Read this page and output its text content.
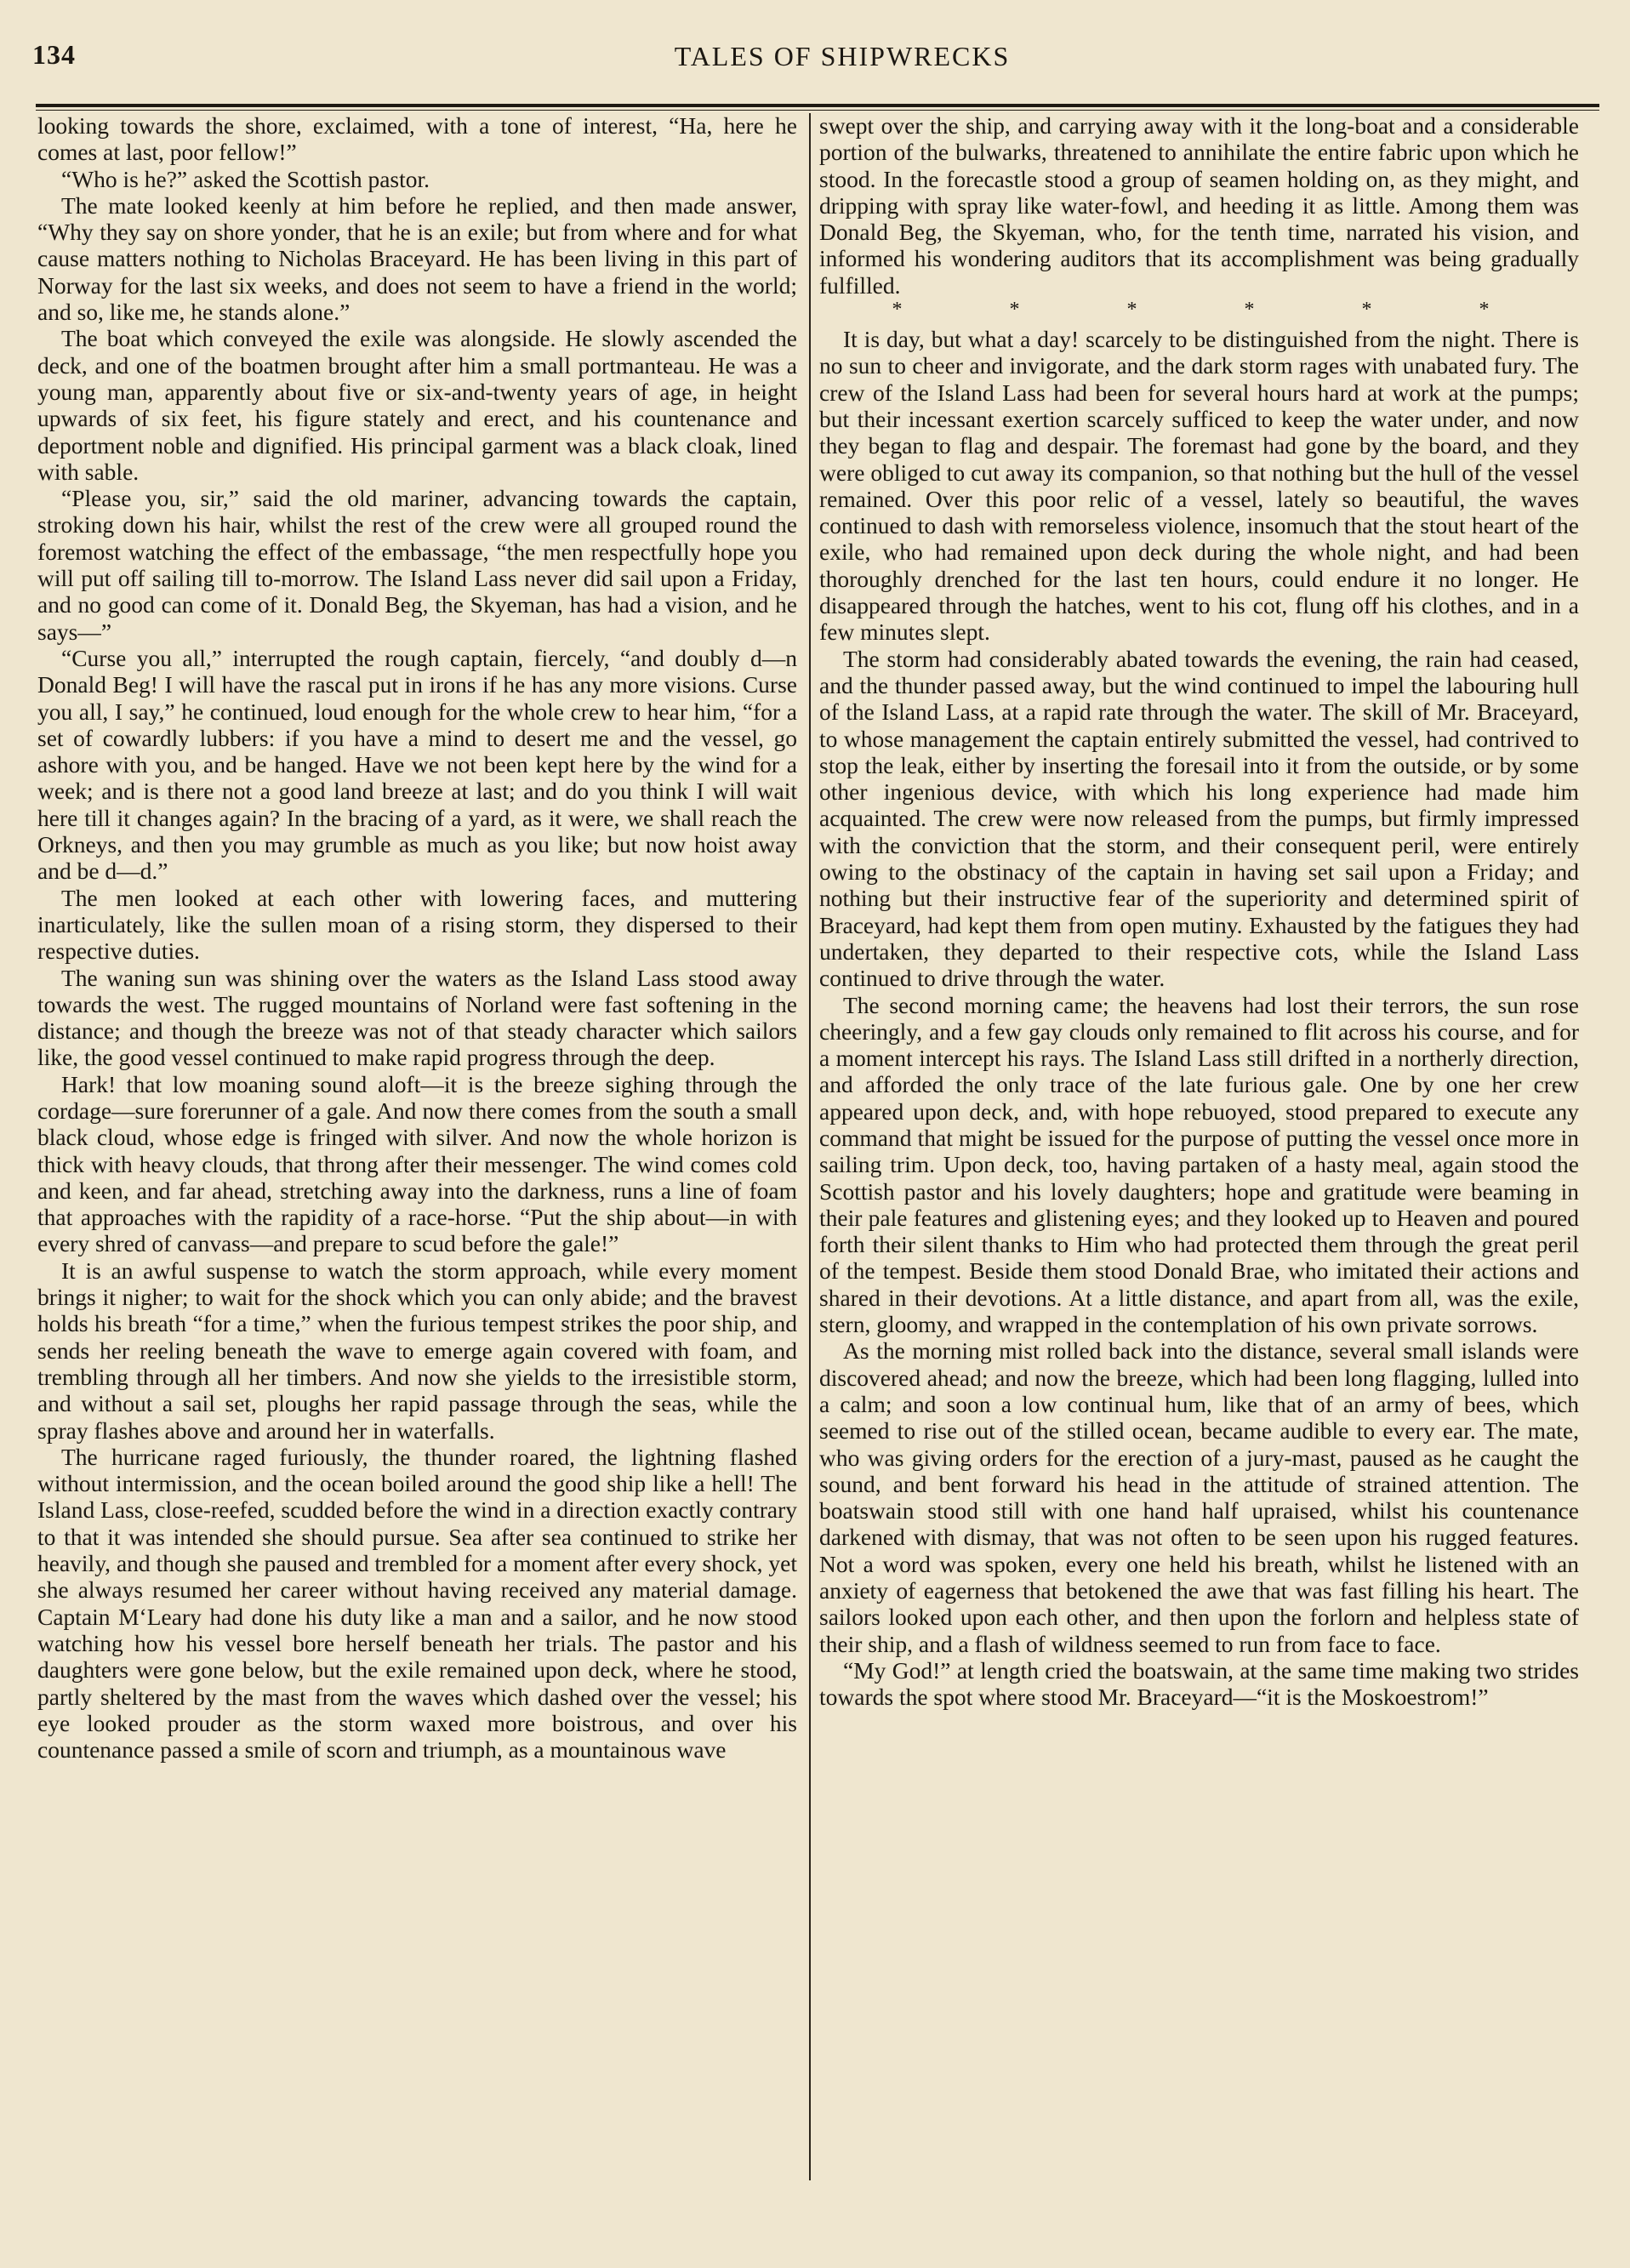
134	TALES OF SHIPWRECKS

looking towards the shore, exclaimed, with a tone of interest, “Ha, here he comes at last, poor fellow!”

“Who is he?” asked the Scottish pastor.

The mate looked keenly at him before he replied, and then made answer, “Why they say on shore yonder, that he is an exile; but from where and for what cause matters nothing to Nicholas Braceyard. He has been living in this part of Norway for the last six weeks, and does not seem to have a friend in the world; and so, like me, he stands alone.”

The boat which conveyed the exile was alongside. He slowly ascended the deck, and one of the boatmen brought after him a small portmanteau. He was a young man, apparently about five or six-and-twenty years of age, in height upwards of six feet, his figure stately and erect, and his countenance and deportment noble and dignified. His principal garment was a black cloak, lined with sable.

“Please you, sir,” said the old mariner, advancing towards the captain, stroking down his hair, whilst the rest of the crew were all grouped round the foremost watching the effect of the embassage, “the men respectfully hope you will put off sailing till to-morrow. The Island Lass never did sail upon a Friday, and no good can come of it. Donald Beg, the Skyeman, has had a vision, and he says—”

“Curse you all,” interrupted the rough captain, fiercely, “and doubly d—n Donald Beg! I will have the rascal put in irons if he has any more visions. Curse you all, I say,” he continued, loud enough for the whole crew to hear him, “for a set of cowardly lubbers: if you have a mind to desert me and the vessel, go ashore with you, and be hanged. Have we not been kept here by the wind for a week; and is there not a good land breeze at last; and do you think I will wait here till it changes again? In the bracing of a yard, as it were, we shall reach the Orkneys, and then you may grumble as much as you like; but now hoist away and be d—d.”

The men looked at each other with lowering faces, and muttering inarticulately, like the sullen moan of a rising storm, they dispersed to their respective duties.

The waning sun was shining over the waters as the Island Lass stood away towards the west. The rugged mountains of Norland were fast softening in the distance; and though the breeze was not of that steady character which sailors like, the good vessel continued to make rapid progress through the deep.

Hark! that low moaning sound aloft—it is the breeze sighing through the cordage—sure forerunner of a gale. And now there comes from the south a small black cloud, whose edge is fringed with silver. And now the whole horizon is thick with heavy clouds, that throng after their messenger. The wind comes cold and keen, and far ahead, stretching away into the darkness, runs a line of foam that approaches with the rapidity of a race-horse. “Put the ship about—in with every shred of canvass—and prepare to scud before the gale!”

It is an awful suspense to watch the storm approach, while every moment brings it nigher; to wait for the shock which you can only abide; and the bravest holds his breath “for a time,” when the furious tempest strikes the poor ship, and sends her reeling beneath the wave to emerge again covered with foam, and trembling through all her timbers. And now she yields to the irresistible storm, and without a sail set, ploughs her rapid passage through the seas, while the spray flashes above and around her in waterfalls.

The hurricane raged furiously, the thunder roared, the lightning flashed without intermission, and the ocean boiled around the good ship like a hell! The Island Lass, close-reefed, scudded before the wind in a direction exactly contrary to that it was intended she should pursue. Sea after sea continued to strike her heavily, and though she paused and trembled for a moment after every shock, yet she always resumed her career without having received any material damage. Captain M‘Leary had done his duty like a man and a sailor, and he now stood watching how his vessel bore herself beneath her trials. The pastor and his daughters were gone below, but the exile remained upon deck, where he stood, partly sheltered by the mast from the waves which dashed over the vessel; his eye looked prouder as the storm waxed more boistrous, and over his countenance passed a smile of scorn and triumph, as a mountainous wave

swept over the ship, and carrying away with it the long-boat and a considerable portion of the bulwarks, threatened to annihilate the entire fabric upon which he stood. In the forecastle stood a group of seamen holding on, as they might, and dripping with spray like water-fowl, and heeding it as little. Among them was Donald Beg, the Skyeman, who, for the tenth time, narrated his vision, and informed his wondering auditors that its accomplishment was being gradually fulfilled.

* * * * * *

It is day, but what a day! scarcely to be distinguished from the night. There is no sun to cheer and invigorate, and the dark storm rages with unabated fury. The crew of the Island Lass had been for several hours hard at work at the pumps; but their incessant exertion scarcely sufficed to keep the water under, and now they began to flag and despair. The foremast had gone by the board, and they were obliged to cut away its companion, so that nothing but the hull of the vessel remained. Over this poor relic of a vessel, lately so beautiful, the waves continued to dash with remorseless violence, insomuch that the stout heart of the exile, who had remained upon deck during the whole night, and had been thoroughly drenched for the last ten hours, could endure it no longer. He disappeared through the hatches, went to his cot, flung off his clothes, and in a few minutes slept.

The storm had considerably abated towards the evening, the rain had ceased, and the thunder passed away, but the wind continued to impel the labouring hull of the Island Lass, at a rapid rate through the water. The skill of Mr. Braceyard, to whose management the captain entirely submitted the vessel, had contrived to stop the leak, either by inserting the foresail into it from the outside, or by some other ingenious device, with which his long experience had made him acquainted. The crew were now released from the pumps, but firmly impressed with the conviction that the storm, and their consequent peril, were entirely owing to the obstinacy of the captain in having set sail upon a Friday; and nothing but their instructive fear of the superiority and determined spirit of Braceyard, had kept them from open mutiny. Exhausted by the fatigues they had undertaken, they departed to their respective cots, while the Island Lass continued to drive through the water.

The second morning came; the heavens had lost their terrors, the sun rose cheeringly, and a few gay clouds only remained to flit across his course, and for a moment intercept his rays. The Island Lass still drifted in a northerly direction, and afforded the only trace of the late furious gale. One by one her crew appeared upon deck, and, with hope rebuoyed, stood prepared to execute any command that might be issued for the purpose of putting the vessel once more in sailing trim. Upon deck, too, having partaken of a hasty meal, again stood the Scottish pastor and his lovely daughters; hope and gratitude were beaming in their pale features and glistening eyes; and they looked up to Heaven and poured forth their silent thanks to Him who had protected them through the great peril of the tempest. Beside them stood Donald Brae, who imitated their actions and shared in their devotions. At a little distance, and apart from all, was the exile, stern, gloomy, and wrapped in the contemplation of his own private sorrows.

As the morning mist rolled back into the distance, several small islands were discovered ahead; and now the breeze, which had been long flagging, lulled into a calm; and soon a low continual hum, like that of an army of bees, which seemed to rise out of the stilled ocean, became audible to every ear. The mate, who was giving orders for the erection of a jury-mast, paused as he caught the sound, and bent forward his head in the attitude of strained attention. The boatswain stood still with one hand half upraised, whilst his countenance darkened with dismay, that was not often to be seen upon his rugged features. Not a word was spoken, every one held his breath, whilst he listened with an anxiety of eagerness that betokened the awe that was fast filling his heart. The sailors looked upon each other, and then upon the forlorn and helpless state of their ship, and a flash of wildness seemed to run from face to face.

“My God!” at length cried the boatswain, at the same time making two strides towards the spot where stood Mr. Braceyard—“it is the Moskoestrom!”
